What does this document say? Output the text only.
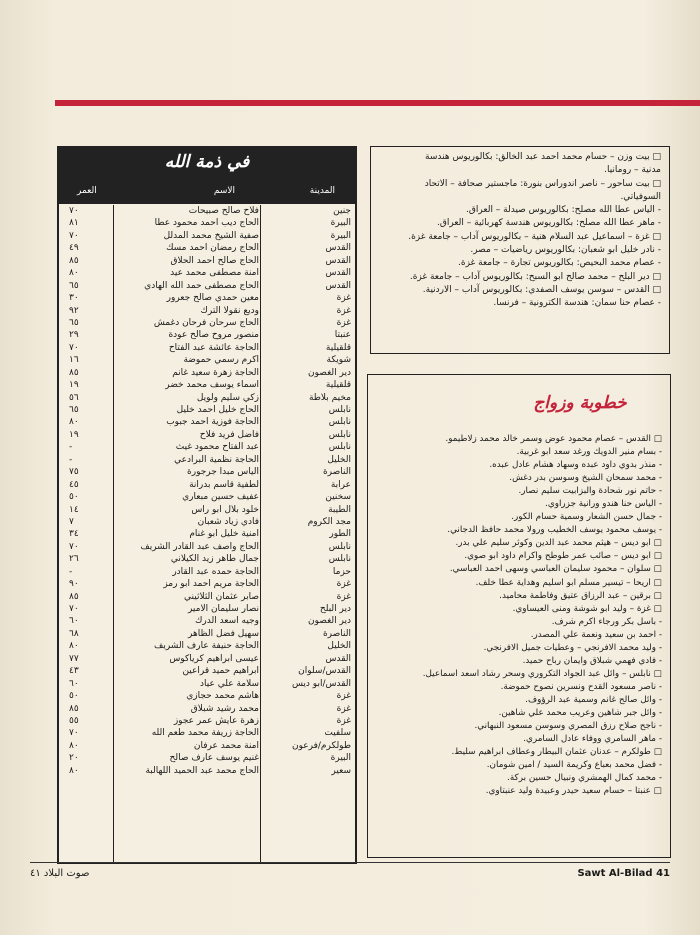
في ذمة الله
المدينة
الاسم
العمر
جنين
فلاح صالح صبيحات
٧٠
البيرة
الحاج ديب احمد محمود عطا
٨١
البيرة
صفية الشيخ محمد المدلل
٧٠
القدس
الحاج رمضان احمد مسك
٤٩
القدس
الحاج صالح احمد الحلاق
٨٥
القدس
امنة مصطفى محمد عيد
٨٠
القدس
الحاج مصطفى حمد الله الهادي
٦٥
غزة
معين حمدي صالح جعرور
٣٠
غزة
وديع نقولا الترك
٩٢
غزة
الحاج سرحان فرحان دغمش
٦٥
عنبتا
منصور مروح صالح عودة
٢٩
قلقيلية
الحاجة عائشة عبد الفتاح
٧٠
شويكة
اكرم رسمي حموضة
١٦
دير الغصون
الحاجة زهرة سعيد غانم
٨٥
قلقيلية
اسماء يوسف محمد خضر
١٩
مخيم بلاطة
زكي سليم ولويل
٥٦
نابلس
الحاج خليل احمد خليل
٦٥
نابلس
الحاجة فوزية احمد جبوب
٨٠
نابلس
فاضل فريد فلاح
١٩
نابلس
عبد الفتاح محمود غيث
-
الخليل
الحاجة نظمية البرادعي
-
الناصرة
الياس مبدا جرجورة
٧٥
عرابة
لطفية قاسم بدرانة
٤٥
سخنين
عفيف حسين مبعاري
٥٠
الطيبة
خلود بلال ابو راس
١٤
مجد الكروم
فادي زياد شعبان
٧
الطور
امنية خليل ابو غنام
٣٤
نابلس
الحاج واصف عبد القادر الشريف
٧٠
نابلس
جمال طاهر زيد الكيلاني
٢٦
حزما
الحاجة حمده عبد القادر
-
غزة
الحاجة مريم احمد ابو رمز
٩٠
غزة
صابر عثمان الثلاثيني
٨٥
دير البلح
نصار سليمان الامير
٧٠
دير الغصون
وجيه اسعد الدرك
٦٠
الناصرة
سهيل فضل الظاهر
٦٨
الخليل
الحاجة حنيفة عارف الشريف
٨٠
القدس
عيسى ابراهيم كرياكوس
٧٧
القدس/سلوان
ابراهيم حميد قراعين
٤٣
القدس/ابو ديس
سلامة علي عياد
٦٠
غزة
هاشم محمد حجازي
٥٠
غزة
محمد رشيد شبلاق
٨٥
غزة
زهرة عايش عمر عجوز
٥٥
سلفيت
الحاجة زريفة محمد طعم الله
٧٠
طولكرم/فرعون
امنة محمد عرفان
٨٠
البيرة
غنيم يوسف عارف صالح
٢٠
سعير
الحاج محمد عبد الحميد اللهالبة
٨٠
□ بيت وزن – حسام محمد احمد عبد الخالق: بكالوريوس هندسة
مدنية – رومانيا.
□ بيت ساحور – ناصر اندوراس بنورة: ماجستير صحافة – الاتحاد
السوفياتي.
- الياس عطا الله مصلح: بكالوريوس صيدلة – العراق.
- ماهر عطا الله مصلح: بكالوريوس هندسة كهربائية – العراق.
□ غزة – اسماعيل عبد السلام هنية – بكالوريوس آداب – جامعة غزة.
- نادر خليل ابو شعبان: بكالوريوس رياضيات – مصر.
- عصام محمد البحيص: بكالوريوس تجارة – جامعة غزة.
□ دير البلح – محمد صالح ابو السبح: بكالوريوس آداب – جامعة غزة.
□ القدس – سوسن يوسف الصفدي: بكالوريوس آداب – الاردنية.
- عصام حنا سمان: هندسة الكترونية – فرنسا.
خطوبة وزواج
□ القدس – عصام محمود عوض وسمر خالد محمد زلاطيمو.
- بسام منير الدويك ورغد سعد ابو غربية.
- منذر بدوي داود عبده وسهاد هشام عادل عبده.
- محمد سمحان الشيخ وسوسن بدر دغش.
- حاتم نور شحادة والبزابيت سليم نصار.
- الياس حنا هندو ورانية جزراوي.
- جمال حسن الشعار وسمية حسام الكور.
- يوسف محمود يوسف الخطيب ورولا محمد حافظ الدجاني.
□ ابو ديس – هيثم محمد عبد الدين وكوثر سليم علي بدر.
□ ابو ديس – صائب عمر طوطح واكرام داود ابو صوي.
□ سلوان – محمود سليمان العباسي وسهى احمد العباسي.
□ اريحا – تيسير مسلم ابو اسليم وهداية عطا خلف.
□ برقين – عبد الرزاق عتيق وفاطمة محاميد.
□ غزة – وليد ابو شوشة ومنى العيساوي.
- باسل بكر ورجاء اكرم شرف.
- احمد بن سعيد ونعمة علي المصدر.
- وليد محمد الافرنجي – وعطيات جميل الافرنجي.
- فادي فهمي شبلاق وايمان رباح حميد.
□ نابلس – وائل عبد الجواد التكروري وسحر رشاد اسعد اسماعيل.
- ناصر مسعود القدح ونسرين نصوح حموضة.
- وائل صالح غانم وسمية عبد الرؤوف.
- وائل جبر شاهين وعريب محمد علي شاهين.
- ناجح صلاح رزق المصري وسوسن مسعود النبهاني.
- ماهر السامري ووفاء عادل السامري.
□ طولكرم – عدنان عثمان البيطار وعطاف ابراهيم سليط.
- فضل محمد بعباع وكريمة السيد / امين شومان.
- محمد كمال الهمشري ونبيال حسين بركة.
□ عنبتا – حسام سعيد حيدر وعبيدة وليد عنبتاوي.
صوت البلاد ٤١	Sawt Al-Bilad 41
